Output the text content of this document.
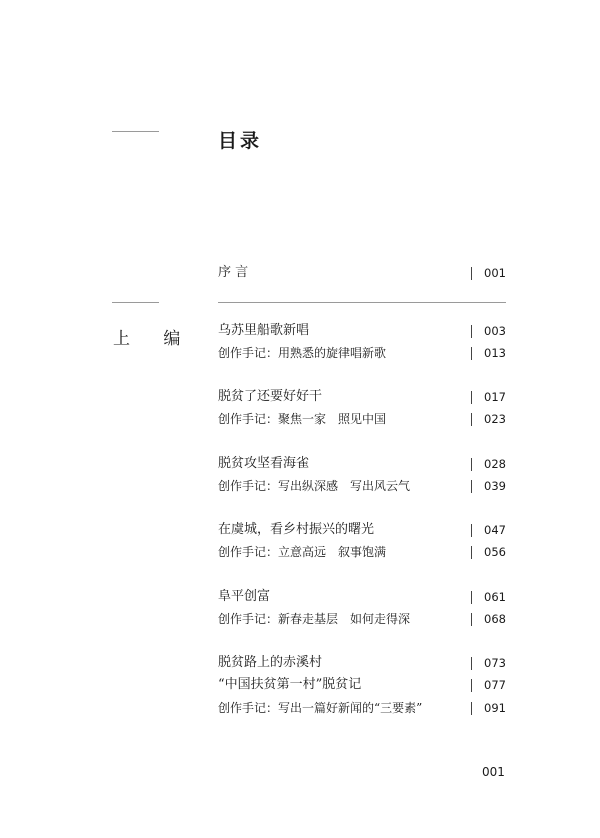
目录
序 言	001
上 编 乌苏里船歌新唱	003
创作手记：用熟悉的旋律唱新歌	013
脱贫了还要好好干	017
创作手记：聚焦一家　照见中国	023
脱贫攻坚看海雀	028
创作手记：写出纵深感　写出风云气	039
在虞城，看乡村振兴的曙光	047
创作手记：立意高远　叙事饱满	056
阜平创富	061
创作手记：新春走基层　如何走得深	068
脱贫路上的赤溪村	073
“中国扶贫第一村”脱贫记	077
创作手记：写出一篇好新闻的“三要素”	091
001
